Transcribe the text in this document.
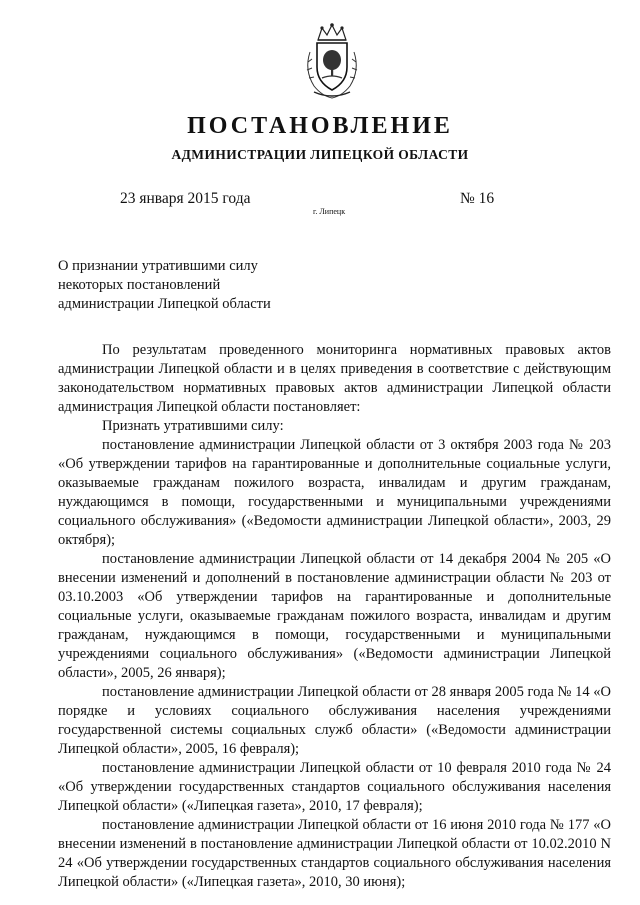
ПОСТАНОВЛЕНИЕ
АДМИНИСТРАЦИИ ЛИПЕЦКОЙ ОБЛАСТИ
23 января 2015 года
г. Липецк
№ 16
О признании утратившими силу
некоторых постановлений
администрации Липецкой области

По результатам проведенного мониторинга нормативных правовых актов администрации Липецкой области и в целях приведения в соответствие с действующим законодательством нормативных правовых актов администрации Липецкой области администрация Липецкой области постановляет:

Признать утратившими силу:

постановление администрации Липецкой области от 3 октября 2003 года № 203 «Об утверждении тарифов на гарантированные и дополнительные социальные услуги, оказываемые гражданам пожилого возраста, инвалидам и другим гражданам, нуждающимся в помощи, государственными и муниципальными учреждениями социального обслуживания» («Ведомости администрации Липецкой области», 2003, 29 октября);

постановление администрации Липецкой области от 14 декабря 2004 № 205 «О внесении изменений и дополнений в постановление администрации области № 203 от 03.10.2003 «Об утверждении тарифов на гарантированные и дополнительные социальные услуги, оказываемые гражданам пожилого возраста, инвалидам и другим гражданам, нуждающимся в помощи, государственными и муниципальными учреждениями социального обслуживания» («Ведомости администрации Липецкой области», 2005, 26 января);

постановление администрации Липецкой области от 28 января 2005 года № 14 «О порядке и условиях социального обслуживания населения учреждениями государственной системы социальных служб области» («Ведомости администрации Липецкой области», 2005, 16 февраля);

постановление администрации Липецкой области от 10 февраля 2010 года № 24 «Об утверждении государственных стандартов социального обслуживания населения Липецкой области» («Липецкая газета», 2010, 17 февраля);

постановление администрации Липецкой области от 16 июня 2010 года № 177 «О внесении изменений в постановление администрации Липецкой области от 10.02.2010 N 24 «Об утверждении государственных стандартов социального обслуживания населения Липецкой области» («Липецкая газета», 2010, 30 июня);
